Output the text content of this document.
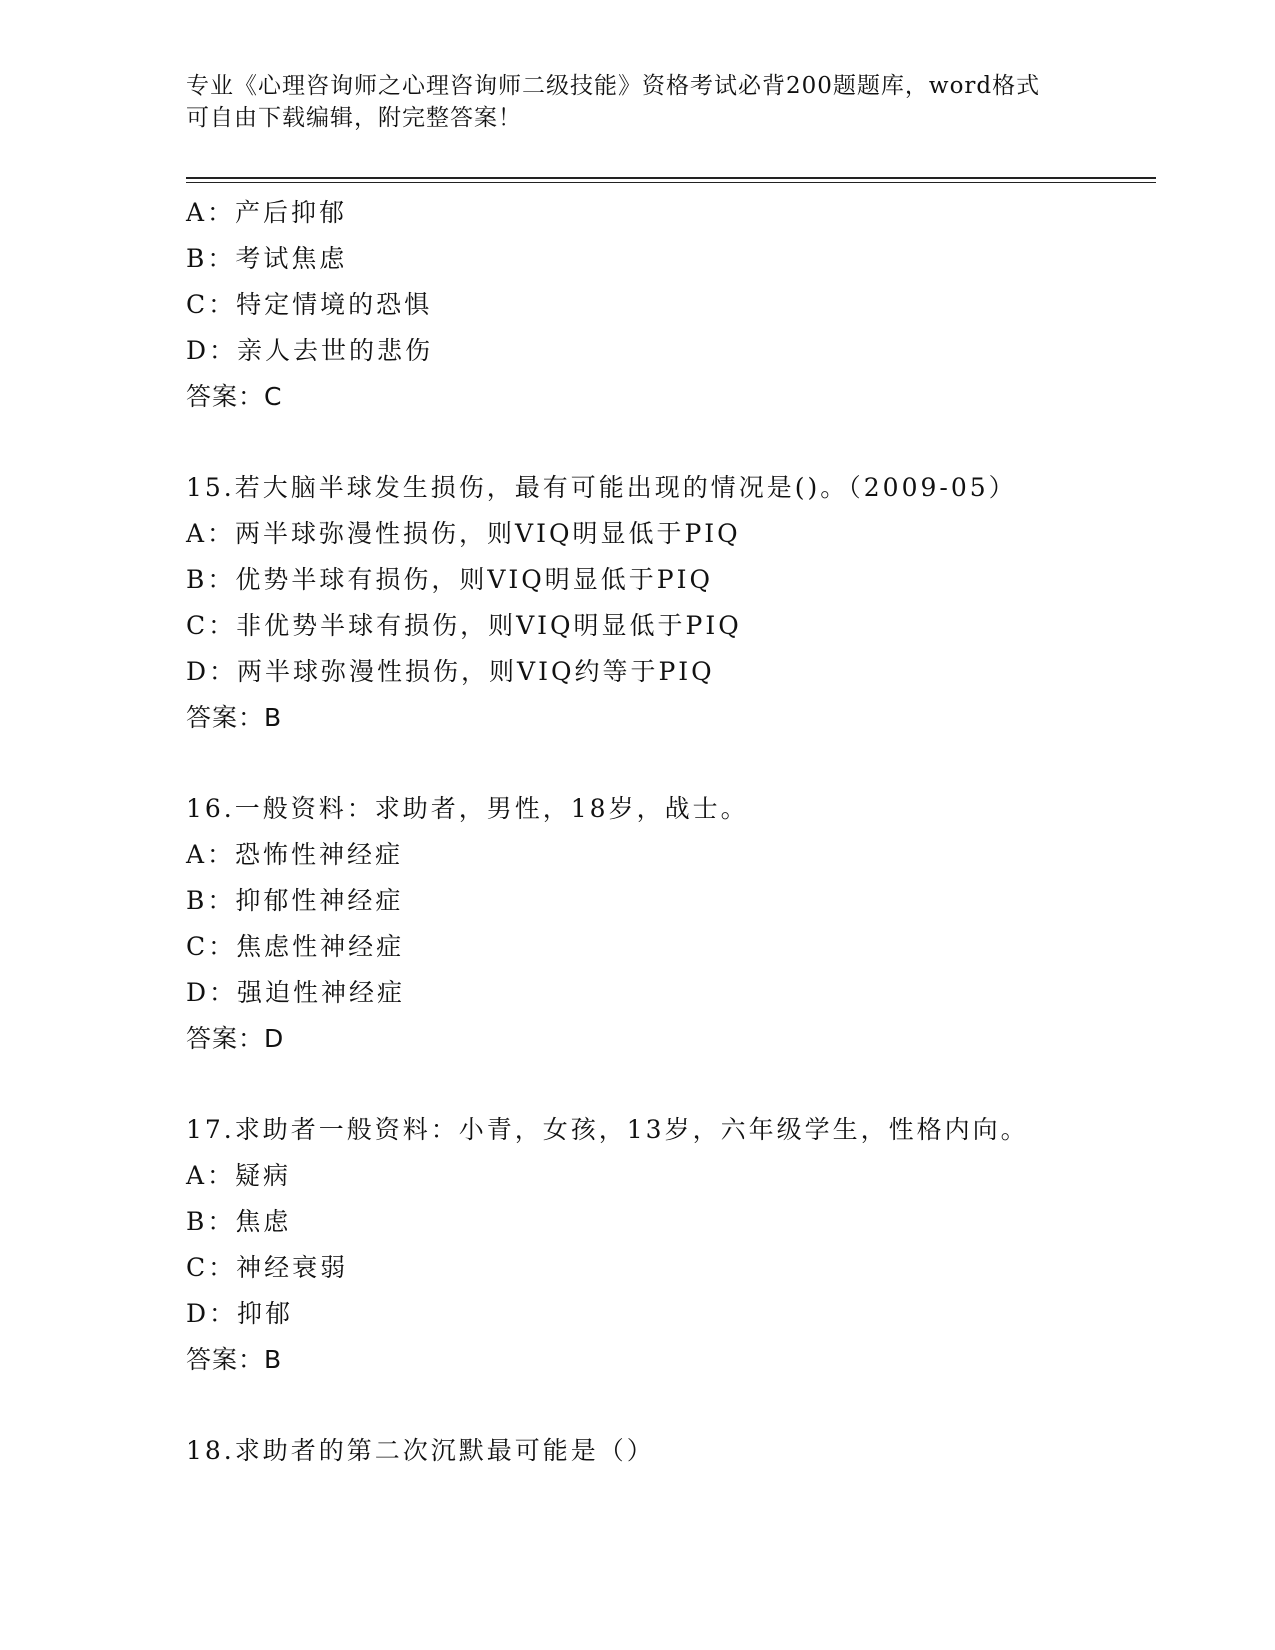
专业《心理咨询师之心理咨询师二级技能》资格考试必背200题题库，word格式
可自由下载编辑，附完整答案！
A：产后抑郁
B：考试焦虑
C：特定情境的恐惧
D：亲人去世的悲伤
答案：C
15.若大脑半球发生损伤，最有可能出现的情况是()。（2009-05）
A：两半球弥漫性损伤，则VIQ明显低于PIQ
B：优势半球有损伤，则VIQ明显低于PIQ
C：非优势半球有损伤，则VIQ明显低于PIQ
D：两半球弥漫性损伤，则VIQ约等于PIQ
答案：B
16.一般资料：求助者，男性，18岁，战士。
A：恐怖性神经症
B：抑郁性神经症
C：焦虑性神经症
D：强迫性神经症
答案：D
17.求助者一般资料：小青，女孩，13岁，六年级学生，性格内向。
A：疑病
B：焦虑
C：神经衰弱
D：抑郁
答案：B
18.求助者的第二次沉默最可能是（）
